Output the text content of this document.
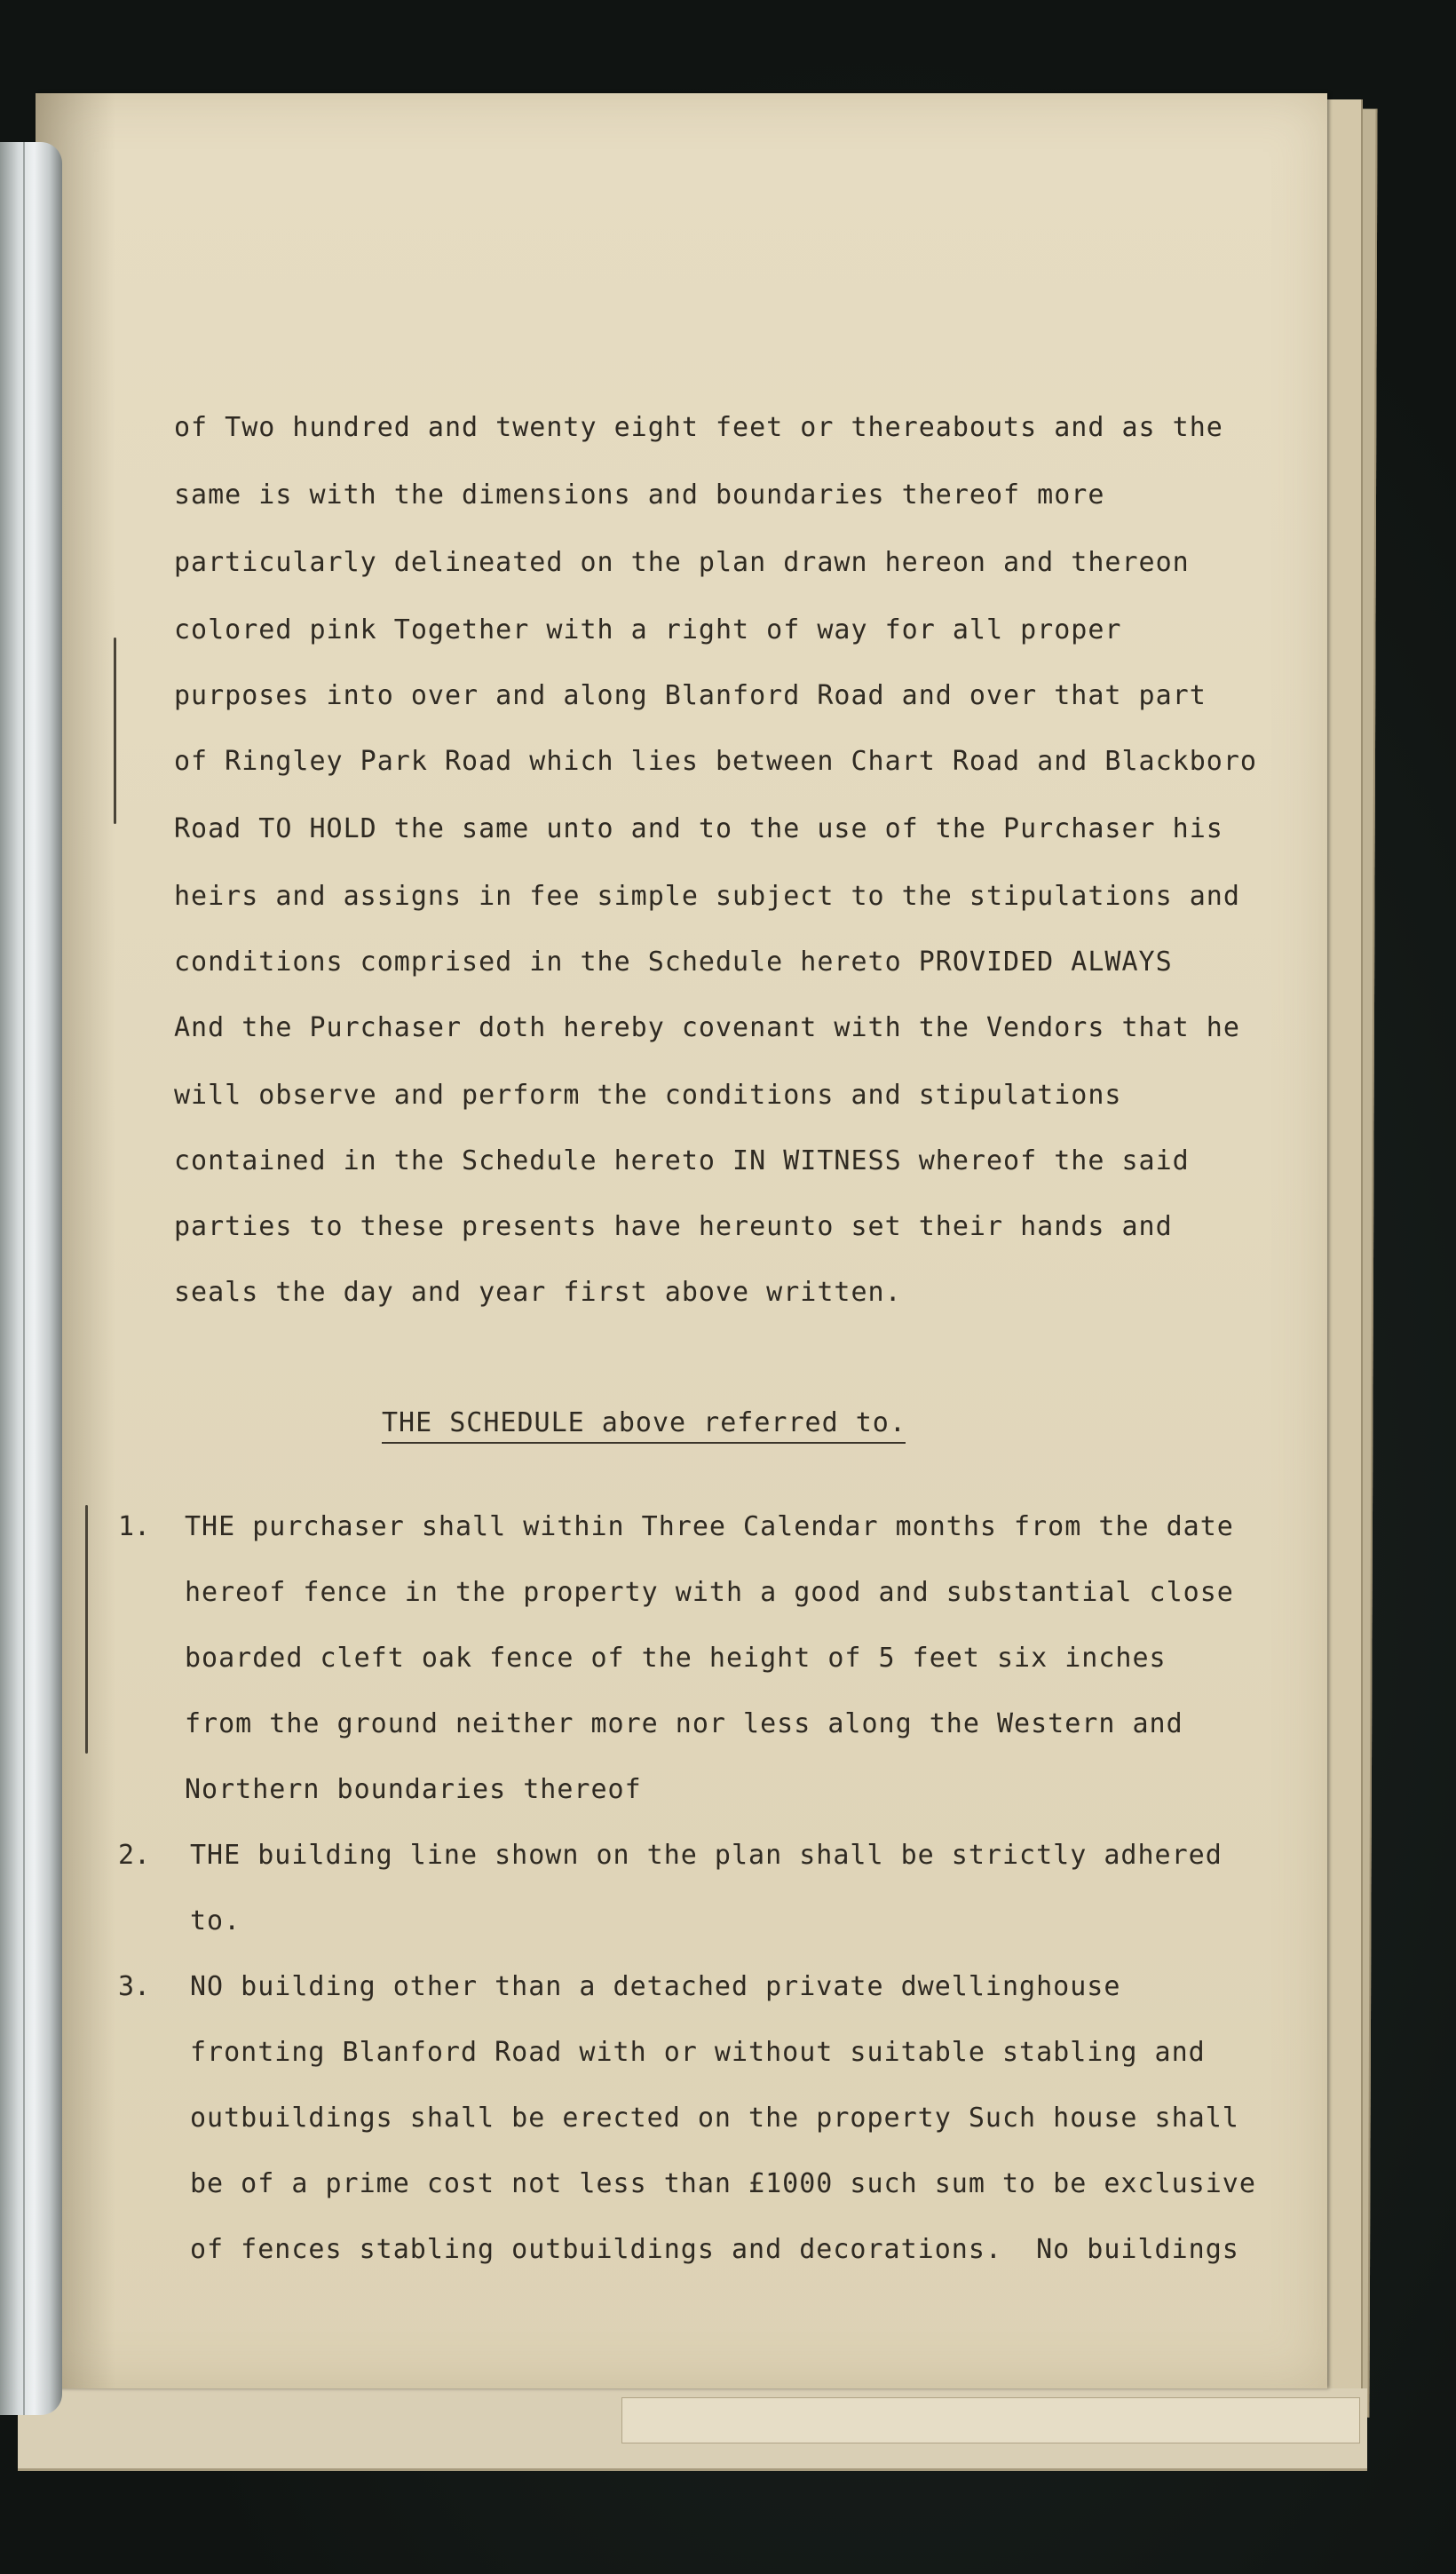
of Two hundred and twenty eight feet or thereabouts and as the
same is with the dimensions and boundaries thereof more
particularly delineated on the plan drawn hereon and thereon
colored pink Together with a right of way for all proper
purposes into over and along Blanford Road and over that part
of Ringley Park Road which lies between Chart Road and Blackboro
Road TO HOLD the same unto and to the use of the Purchaser his
heirs and assigns in fee simple subject to the stipulations and
conditions comprised in the Schedule hereto PROVIDED ALWAYS
And the Purchaser doth hereby covenant with the Vendors that he
will observe and perform the conditions and stipulations
contained in the Schedule hereto IN WITNESS whereof the said
parties to these presents have hereunto set their hands and
seals the day and year first above written.
THE SCHEDULE above referred to.
1. THE purchaser shall within Three Calendar months from the date
hereof fence in the property with a good and substantial close
boarded cleft oak fence of the height of 5 feet six inches
from the ground neither more nor less along the Western and
Northern boundaries thereof
2. THE building line shown on the plan shall be strictly adhered
to.
3. NO building other than a detached private dwellinghouse
fronting Blanford Road with or without suitable stabling and
outbuildings shall be erected on the property Such house shall
be of a prime cost not less than £1000 such sum to be exclusive
of fences stabling outbuildings and decorations.  No buildings
